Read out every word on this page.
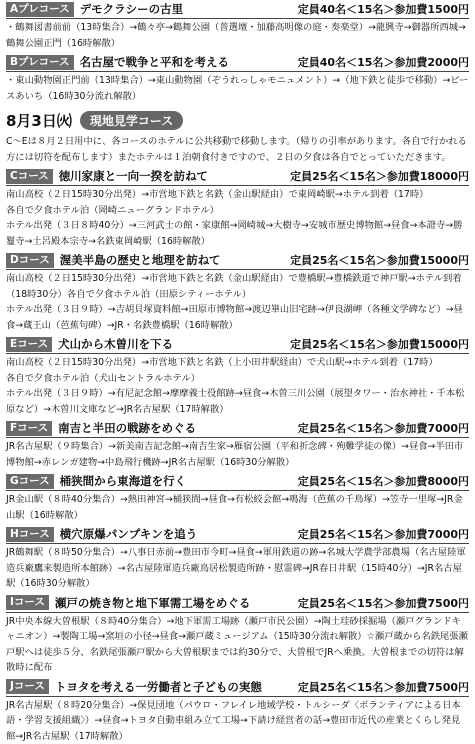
Aプレコース デモクラシーの古里	定員40名＜15名＞参加費1500円
・鶴舞図書前前（13時集合）→鶴々亭→鶴舞公園（普選壇・加藤高明像の庭・奏楽堂）→龍興寺→御器所西城→鶴舞公園正門（16時解散）
Bプレコース 名古屋で戦争と平和を考える	定員40名＜15名＞参加費2000円
・東山動物園正門前（13時集合）→東山動物園（ぞうれっしゃモニュメント）→（地下鉄と徒歩で移動）→ピースあいち（16時30分流れ解散）
8月3日㈫	現地見学コース
C～Eは８月２日用中に、各コースのホテルに公共移動で移動します。（帰りの引率があります。各自で行かれる方には切符を配布します）またホテルは１泊朝食付きですので、２日の夕食は各自でとっていただきます。
Cコース 徳川家康と一向一揆を訪ねて	定員25名＜15名＞参加費18000円
南山高校（２日15時30分出発）→市営地下鉄と名鉄（金山駅経由）で東岡崎駅→ホテル到着（17時）
各自で夕食ホテル泊（岡崎ニューグランドホテル）
ホテル出発（３日８時40分）→三河武士の館・家康館→岡崎城→大樹寺→安城市歴史博物館→昼食→本證寺→勝鬘寺→土呂殿本宗寺→名鉄東岡崎駅（16時解散）
Dコース 渥美半島の歴史と地理を訪ねて	定員25名＜15名＞参加費15000円
南山高校（２日15時30分出発）→市営地下鉄と名鉄（金山駅経由）で豊橋駅→豊橋鉄道で神戸駅→ホテル到着（18時30分）各自で夕食ホテル泊（田原シティーホテル）
ホテル出発（３日９時）→吉胡貝塚資料館→田原市博物館→渡辺崋山旧宅跡→伊良湖岬（各種文学碑など）→昼食→蔵王山（芭蕉句碑）→JR・名鉄豊橋駅（16時解散）
Eコース 犬山から木曽川を下る	定員25名＜15名＞参加費15000円
南山高校（２日15時30分出発）→市営地下鉄と名鉄（上小田井駅経由）で犬山駅→ホテル到着（17時）
各自で夕食ホテル泊（犬山セントラルホテル）
ホテル出発（３日９時）→有尼記念館→摩摩義士役館跡→昼食→木曽三川公園（展望タワー・治水神社・千本松原など）→木曽川文庫など→JR名古屋駅（17時解散）
Fコース 南吉と半田の戦跡をめぐる	定員25名＜15名＞参加費7000円
JR名古屋駅（９時集合）→新美南吉記念館→南吉生家→雁宿公園（平和祈念碑・殉難学徒の像）→昼食→半田市博物館→赤レンガ建物→中島飛行機跡→JR名古屋駅（16時30分解散）
Gコース 桶狭間から東海道を行く	定員25名＜15名＞参加費8000円
JR金山駅（８時40分集合）→熱田神宮→桶狭間→昼食→有松絞会館→鳴海（芭蕉の千鳥塚）→笠寺一里塚→JR金山駅（16時解散）
Hコース 横穴原爆パンプキンを追う	定員25名＜15名＞参加費7000円
JR鶴舞駅（８時50分集合）→八事日赤前→豊田市今町→昼食→軍用鉄道の跡→名城大学農学部農場（名古屋陸軍造兵廠鷹来製造所本館跡）→名古屋陸軍造兵廠鳥居松製造所跡・慰霊碑→JR春日井駅（15時40分）→JR名古屋駅（16時30分解散）
Iコース 瀬戸の焼き物と地下軍需工場をめぐる	定員25名＜15名＞参加費7500円
JR中央本線大曽根駅（８時40分集合）→地下軍需工場跡（瀬戸市民公園）→陶土珪砂採掘場（瀬戸グランドキャニオン）→製陶工場→窯垣の小径→昼食→瀬戸蔵ミュージアム（15時30分流れ解散）☆瀬戸蔵から名鉄尾張瀬戸駅へは徒歩５分、名鉄尾張瀬戸駅から大曽根駅までは約30分で、大曽根でJRへ乗換。大曽根までの切符は解散時に配布
Jコース トヨタを考える一労働者と子どもの実態	定員25名＜15名＞参加費7500円
JR名古屋駅（８時20分集合）→保見団地（パウロ・フレイレ地域学校・トルシーダ〈ポランティアによる日本語・学習支援組織〉）→昼食→トヨタ自動車組み立て工場→下請け経営者の話→豊田市近代の産業とくらし発見館→JR名古屋駅（17時解散）
